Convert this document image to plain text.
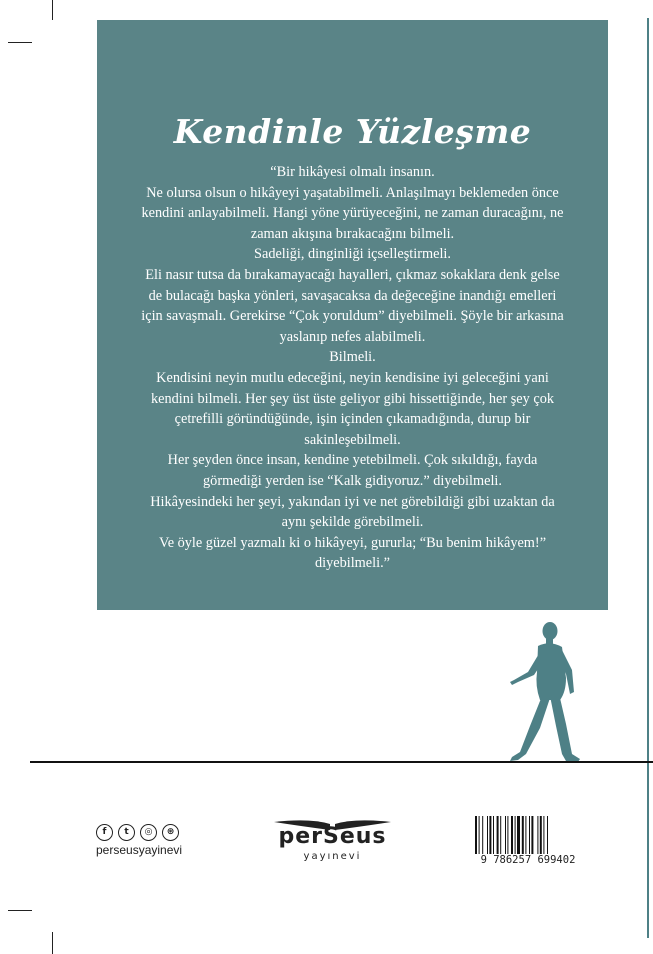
Kendinle Yüzleşme
“Bir hikâyesi olmalı insanın.
Ne olursa olsun o hikâyeyi yaşatabilmeli. Anlaşılmayı beklemeden önce
kendini anlayabilmeli. Hangi yöne yürüyeceğini, ne zaman duracağını, ne
zaman akışına bırakacağını bilmeli.
Sadeliği, dinginliği içselleştirmeli.
Eli nasır tutsa da bırakamayacağı hayalleri, çıkmaz sokaklara denk gelse
de bulacağı başka yönleri, savaşacaksa da değeceğine inandığı emelleri
için savaşmalı. Gerekirse “Çok yoruldum” diyebilmeli. Şöyle bir arkasına
yaslanıp nefes alabilmeli.
Bilmeli.
Kendisini neyin mutlu edeceğini, neyin kendisine iyi geleceğini yani
kendini bilmeli. Her şey üst üste geliyor gibi hissettiğinde, her şey çok
çetrefilli göründüğünde, işin içinden çıkamadığında, durup bir
sakinleşebilmeli.
Her şeyden önce insan, kendine yetebilmeli. Çok sıkıldığı, fayda
görmediği yerden ise “Kalk gidiyoruz.” diyebilmeli.
Hikâyesindeki her şeyi, yakından iyi ve net görebildiği gibi uzaktan da
aynı şekilde görebilmeli.
Ve öyle güzel yazmalı ki o hikâyeyi, gururla; “Bu benim hikâyem!”
diyebilmeli.”
f	t	◎	⊛
perseusyayinevi
perSeus
yayınevi	9 786257 699402
